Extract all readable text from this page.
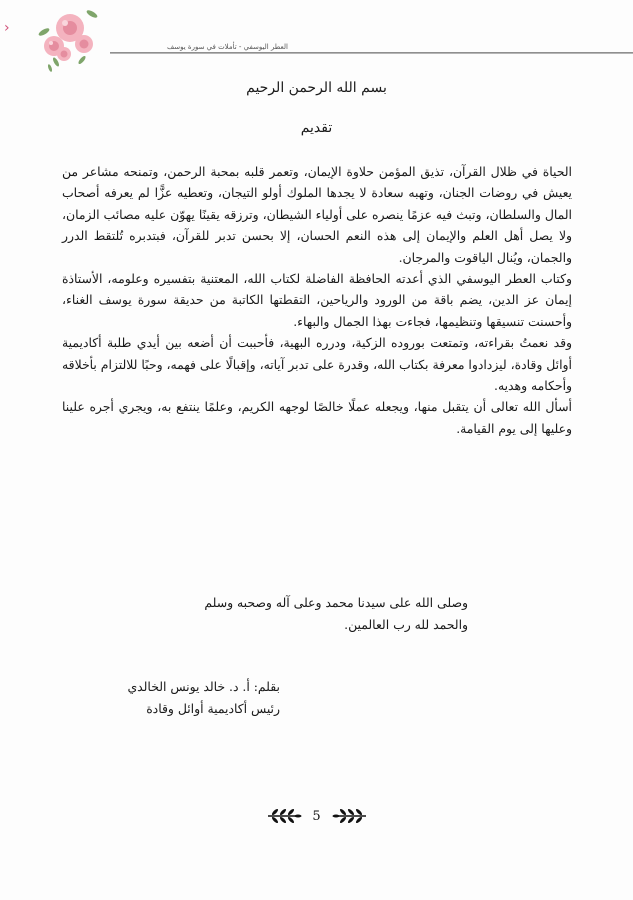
›
العطر اليوسفي - تأملات في سورة يوسف
بسم الله الرحمن الرحيم
تقديم

الحياة في ظلال القرآن، تذيق المؤمن حلاوة الإيمان، وتعمر قلبه بمحبة الرحمن، وتمنحه مشاعر من يعيش في روضات الجنان، وتهبه سعادة لا يجدها الملوك أولو التيجان، وتعطيه عزًّا لم يعرفه أصحاب المال والسلطان، وتبث فيه عزمًا ينصره على أولياء الشيطان، وترزقه يقينًا يهوّن عليه مصائب الزمان، ولا يصل أهل العلم والإيمان إلى هذه النعم الحسان، إلا بحسن تدبر للقرآن، فبتدبره تُلتقط الدرر والجمان، ويُنال الياقوت والمرجان.

وكتاب العطر اليوسفي الذي أعدته الحافظة الفاضلة لكتاب الله، المعتنية بتفسيره وعلومه، الأستاذة إيمان عز الدين، يضم باقة من الورود والرياحين، التقطتها الكاتبة من حديقة سورة يوسف الغناء، وأحسنت تنسيقها وتنظيمها، فجاءت بهذا الجمال والبهاء.

وقد نعمتُ بقراءته، وتمتعت بوروده الزكية، ودرره البهية، فأحببت أن أضعه بين أيدي طلبة أكاديمية أوائل وقادة، ليزدادوا معرفة بكتاب الله، وقدرة على تدبر آياته، وإقبالًا على فهمه، وحبًا للالتزام بأخلاقه وأحكامه وهديه.

أسأل الله تعالى أن يتقبل منها، ويجعله عملًا خالصًا لوجهه الكريم، وعلمًا ينتفع به، ويجري أجره علينا وعليها إلى يوم القيامة.

وصلى الله على سيدنا محمد وعلى آله وصحبه وسلم
والحمد لله رب العالمين.
بقلم: أ. د. خالد يونس الخالدي
رئيس أكاديمية أوائل وقادة
5
